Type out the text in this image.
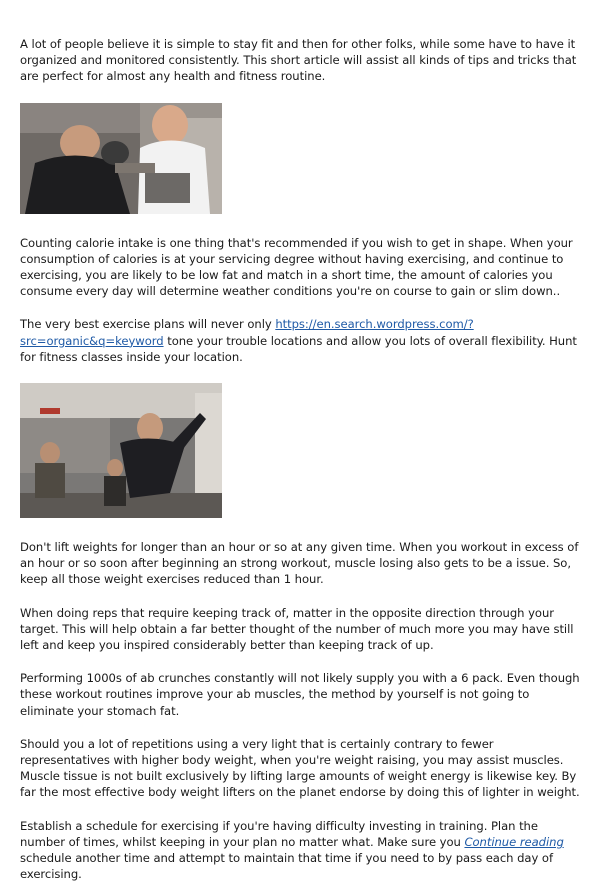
A lot of people believe it is simple to stay fit and then for other folks, while some have to have it organized and monitored consistently. This short article will assist all kinds of tips and tricks that are perfect for almost any health and fitness routine.

Counting calorie intake is one thing that's recommended if you wish to get in shape. When your consumption of calories is at your servicing degree without having exercising, and continue to exercising, you are likely to be low fat and match in a short time, the amount of calories you consume every day will determine weather conditions you're on course to gain or slim down..

The very best exercise plans will never only https://en.search.wordpress.com/?src=organic&q=keyword tone your trouble locations and allow you lots of overall flexibility. Hunt for fitness classes inside your location.

Don't lift weights for longer than an hour or so at any given time. When you workout in excess of an hour or so soon after beginning an strong workout, muscle losing also gets to be a issue. So, keep all those weight exercises reduced than 1 hour.

When doing reps that require keeping track of, matter in the opposite direction through your target. This will help obtain a far better thought of the number of much more you may have still left and keep you inspired considerably better than keeping track of up.

Performing 1000s of ab crunches constantly will not likely supply you with a 6 pack. Even though these workout routines improve your ab muscles, the method by yourself is not going to eliminate your stomach fat.

Should you a lot of repetitions using a very light that is certainly contrary to fewer representatives with higher body weight, when you're weight raising, you may assist muscles. Muscle tissue is not built exclusively by lifting large amounts of weight energy is likewise key. By far the most effective body weight lifters on the planet endorse by doing this of lighter in weight.

Establish a schedule for exercising if you're having difficulty investing in training. Plan the number of times, whilst keeping in your plan no matter what. Make sure you Continue reading schedule another time and attempt to maintain that time if you need to by pass each day of exercising.
